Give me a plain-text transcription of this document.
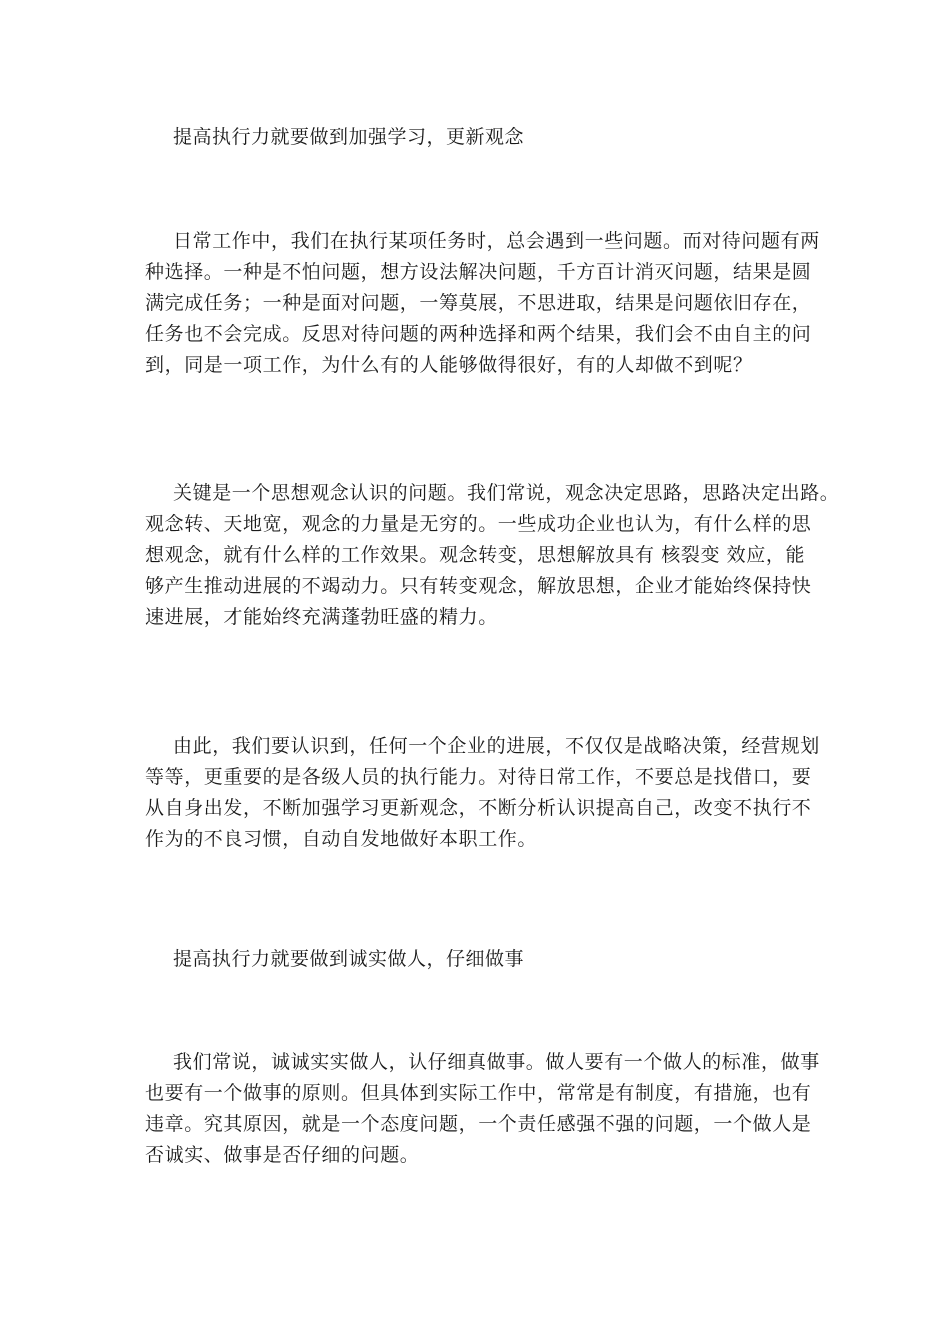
提高执行力就要做到加强学习，更新观念
日常工作中，我们在执行某项任务时，总会遇到一些问题。而对待问题有两
种选择。一种是不怕问题，想方设法解决问题，千方百计消灭问题，结果是圆
满完成任务；一种是面对问题，一筹莫展，不思进取，结果是问题依旧存在，
任务也不会完成。反思对待问题的两种选择和两个结果，我们会不由自主的问
到，同是一项工作，为什么有的人能够做得很好，有的人却做不到呢？
关键是一个思想观念认识的问题。我们常说，观念决定思路，思路决定出路。
观念转、天地宽，观念的力量是无穷的。一些成功企业也认为，有什么样的思
想观念，就有什么样的工作效果。观念转变，思想解放具有 核裂变 效应，能
够产生推动进展的不竭动力。只有转变观念，解放思想，企业才能始终保持快
速进展，才能始终充满蓬勃旺盛的精力。
由此，我们要认识到，任何一个企业的进展，不仅仅是战略决策，经营规划
等等，更重要的是各级人员的执行能力。对待日常工作，不要总是找借口，要
从自身出发，不断加强学习更新观念，不断分析认识提高自己，改变不执行不
作为的不良习惯，自动自发地做好本职工作。
提高执行力就要做到诚实做人，仔细做事
我们常说，诚诚实实做人，认仔细真做事。做人要有一个做人的标准，做事
也要有一个做事的原则。但具体到实际工作中，常常是有制度，有措施，也有
违章。究其原因，就是一个态度问题，一个责任感强不强的问题，一个做人是
否诚实、做事是否仔细的问题。
